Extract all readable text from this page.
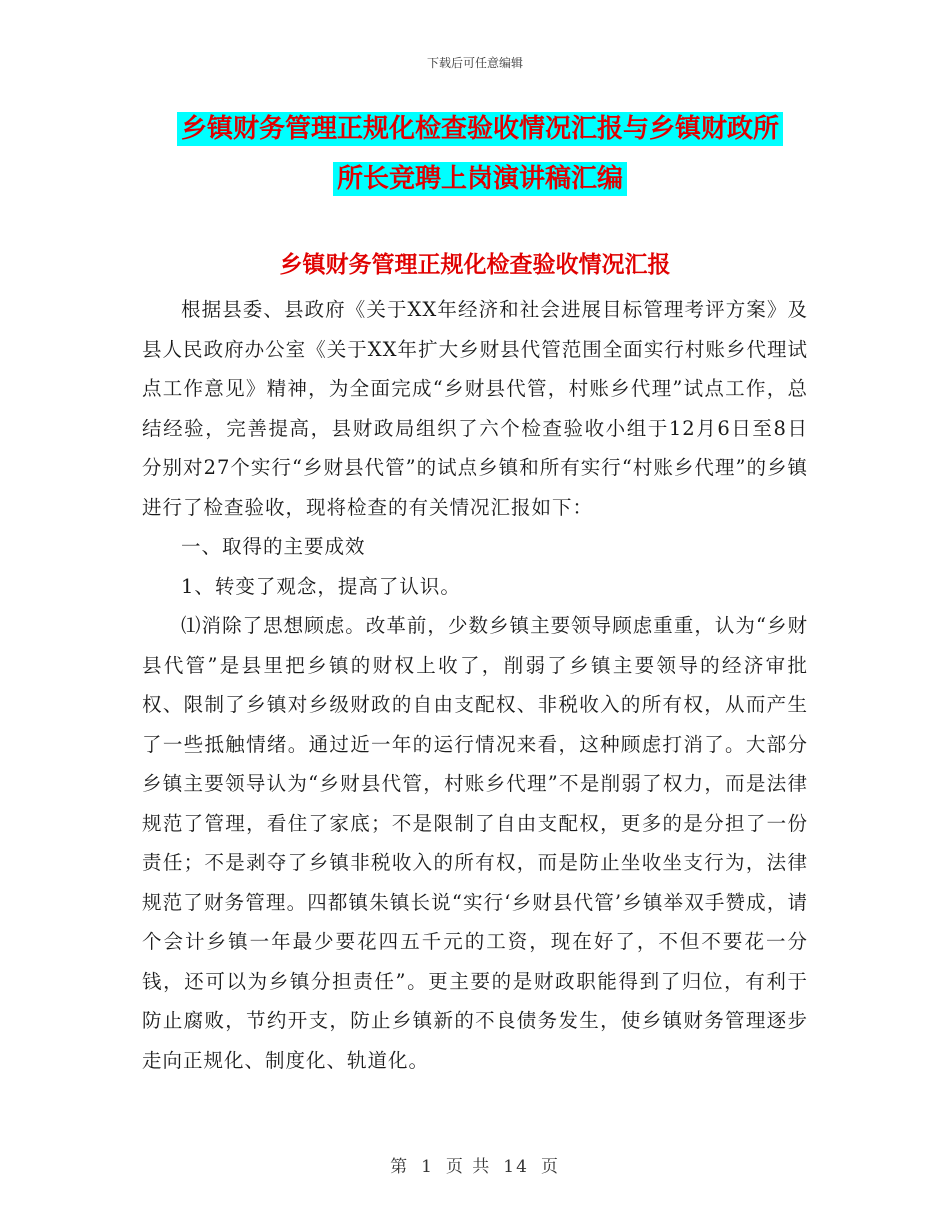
下载后可任意编辑
乡镇财务管理正规化检查验收情况汇报与乡镇财政所
所长竞聘上岗演讲稿汇编
乡镇财务管理正规化检查验收情况汇报

根据县委、县政府《关于XX年经济和社会进展目标管理考评方案》及县人民政府办公室《关于XX年扩大乡财县代管范围全面实行村账乡代理试点工作意见》精神，为全面完成“乡财县代管，村账乡代理”试点工作，总结经验，完善提高，县财政局组织了六个检查验收小组于12月6日至8日分别对27个实行“乡财县代管”的试点乡镇和所有实行“村账乡代理”的乡镇进行了检查验收，现将检查的有关情况汇报如下：

一、取得的主要成效

1、转变了观念，提高了认识。

⑴消除了思想顾虑。改革前，少数乡镇主要领导顾虑重重，认为“乡财县代管”是县里把乡镇的财权上收了，削弱了乡镇主要领导的经济审批权、限制了乡镇对乡级财政的自由支配权、非税收入的所有权，从而产生了一些抵触情绪。通过近一年的运行情况来看，这种顾虑打消了。大部分乡镇主要领导认为“乡财县代管，村账乡代理”不是削弱了权力，而是法律规范了管理，看住了家底；不是限制了自由支配权，更多的是分担了一份责任；不是剥夺了乡镇非税收入的所有权，而是防止坐收坐支行为，法律规范了财务管理。四都镇朱镇长说“实行‘乡财县代管’乡镇举双手赞成，请个会计乡镇一年最少要花四五千元的工资，现在好了，不但不要花一分钱，还可以为乡镇分担责任”。更主要的是财政职能得到了归位，有利于防止腐败，节约开支，防止乡镇新的不良债务发生，使乡镇财务管理逐步走向正规化、制度化、轨道化。

第 1 页 共 14 页
